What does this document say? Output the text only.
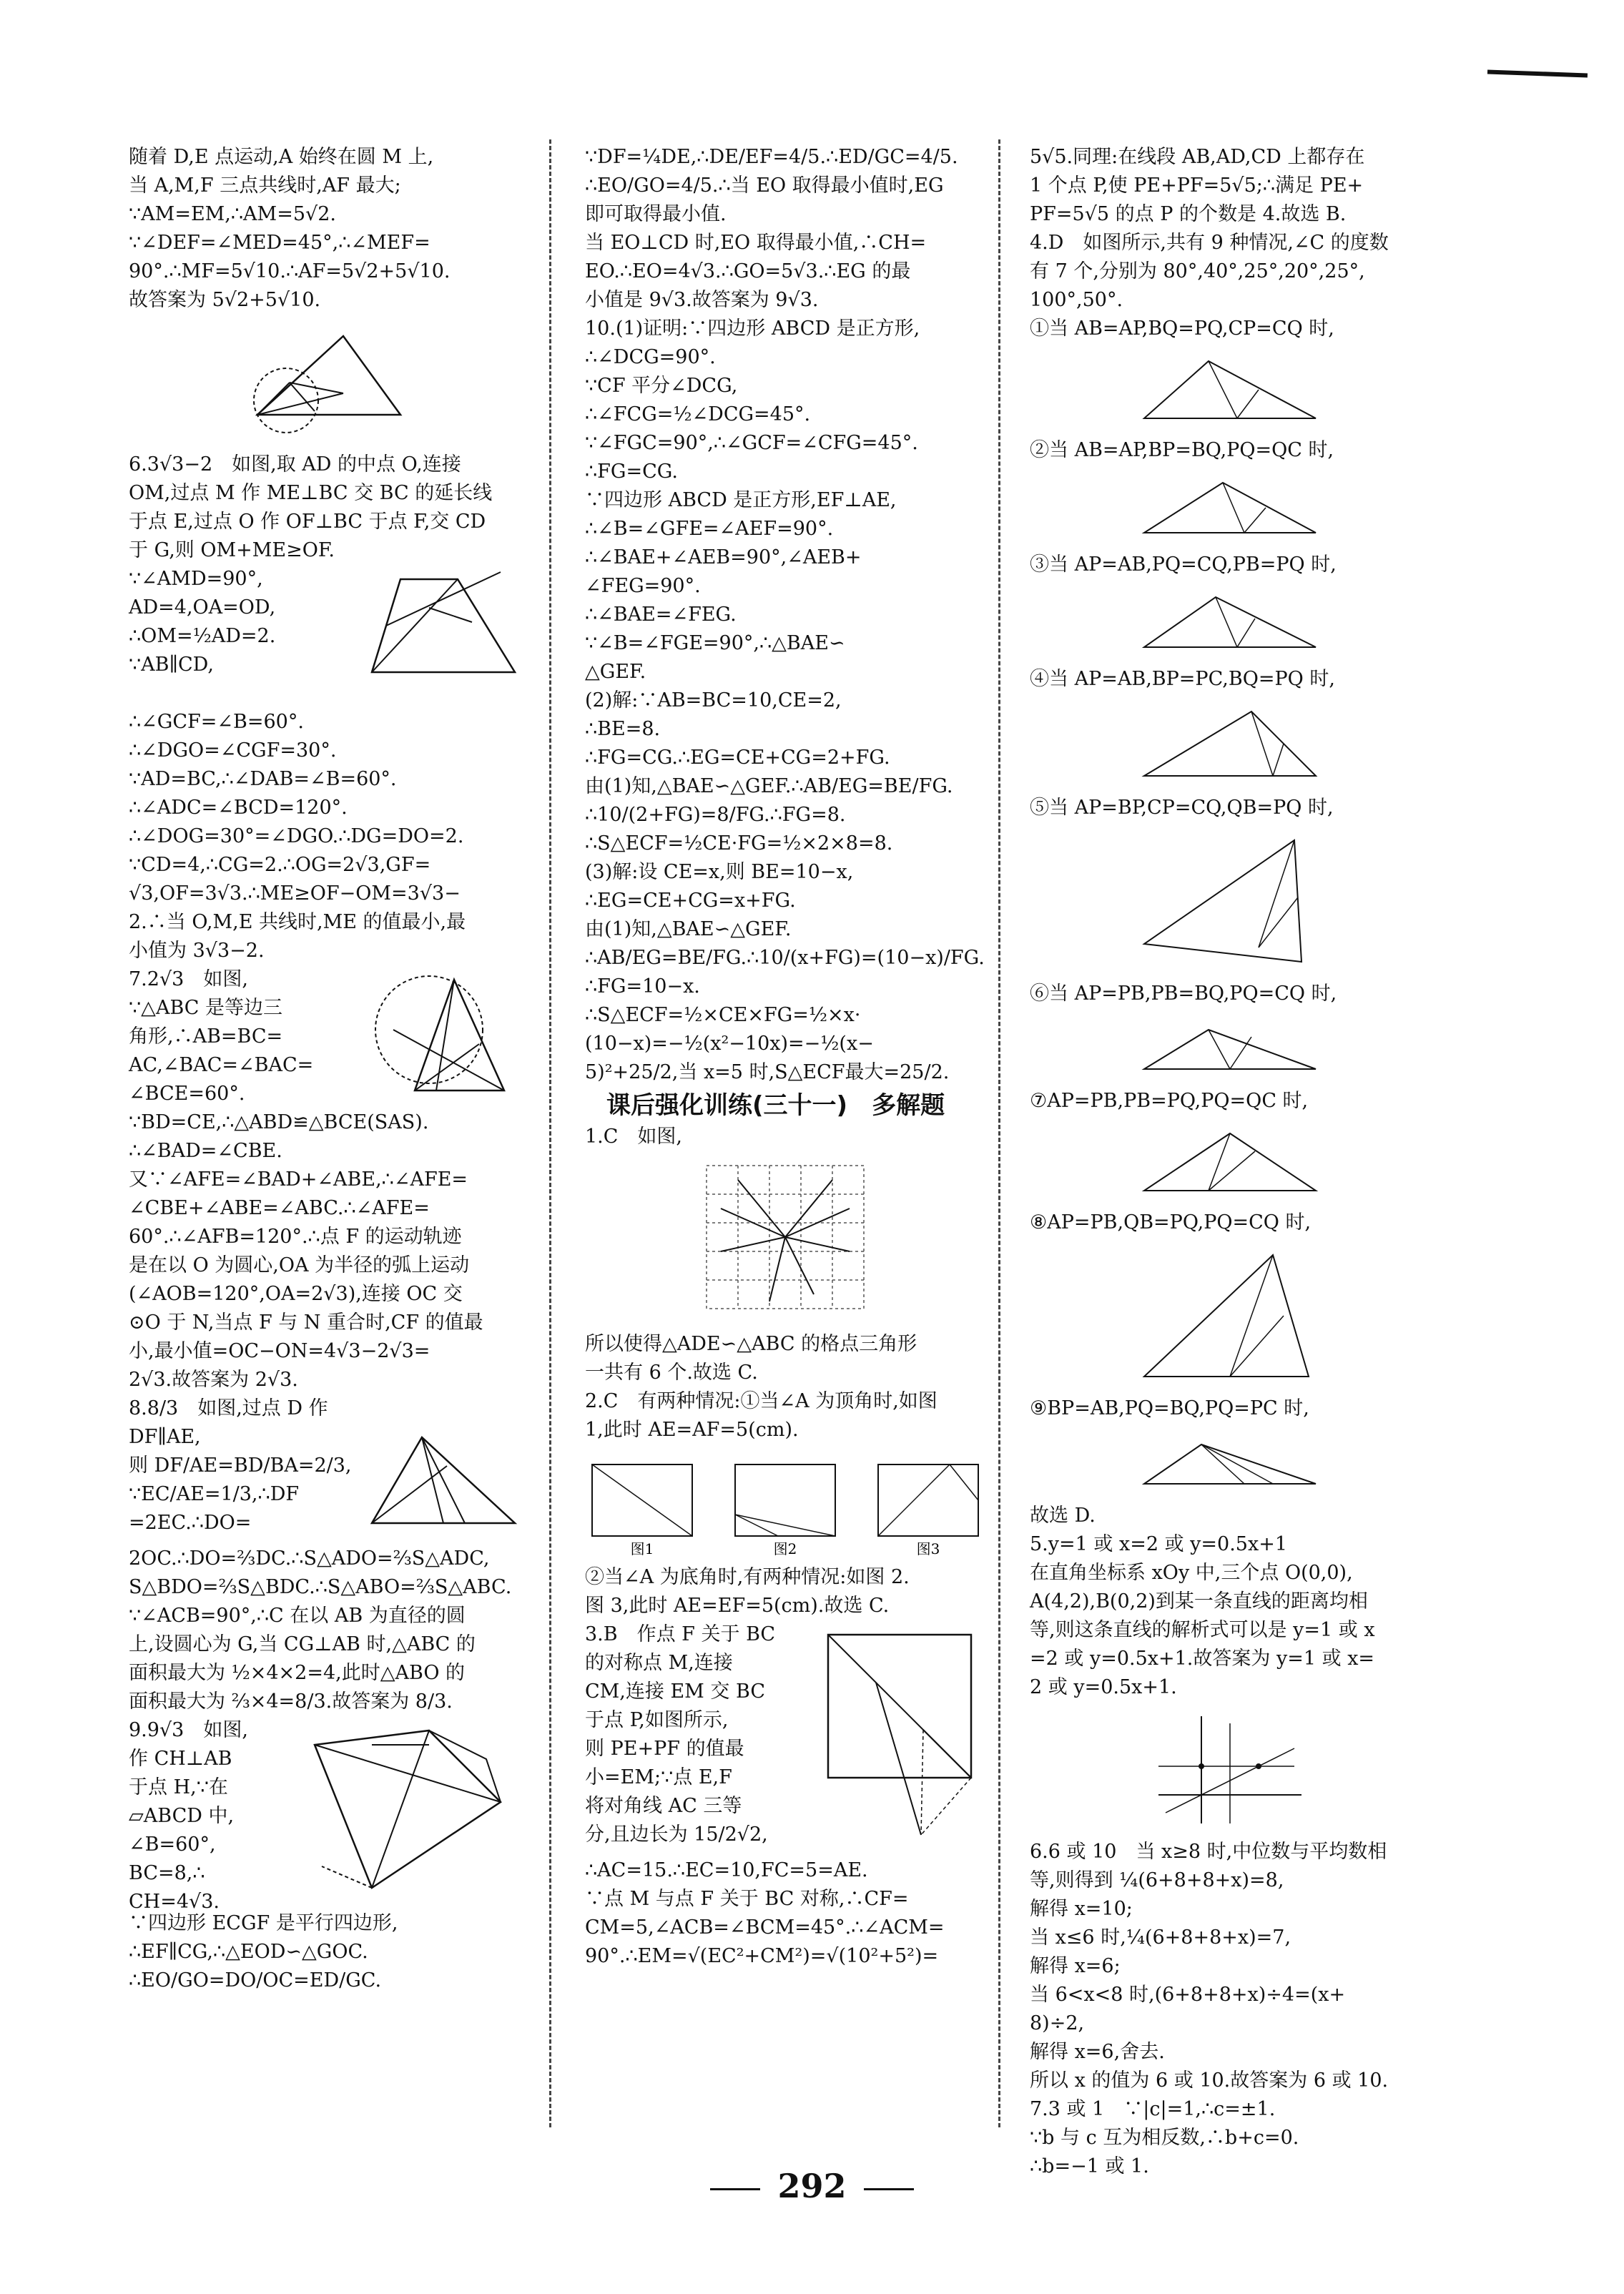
随着 D,E 点运动,A 始终在圆 M 上,

当 A,M,F 三点共线时,AF 最大;

∵AM=EM,∴AM=5√2.

∵∠DEF=∠MED=45°,∴∠MEF=

90°.∴MF=5√10.∴AF=5√2+5√10.

故答案为 5√2+5√10.

6.3√3−2　如图,取 AD 的中点 O,连接

OM,过点 M 作 ME⊥BC 交 BC 的延长线

于点 E,过点 O 作 OF⊥BC 于点 F,交 CD

于 G,则 OM+ME≥OF.

∵∠AMD=90°,

AD=4,OA=OD,

∴OM=½AD=2.

∵AB∥CD,

∴∠GCF=∠B=60°.

∴∠DGO=∠CGF=30°.

∵AD=BC,∴∠DAB=∠B=60°.

∴∠ADC=∠BCD=120°.

∴∠DOG=30°=∠DGO.∴DG=DO=2.

∵CD=4,∴CG=2.∴OG=2√3,GF=

√3,OF=3√3.∴ME≥OF−OM=3√3−

2.∴当 O,M,E 共线时,ME 的值最小,最

小值为 3√3−2.

7.2√3　如图,

∵△ABC 是等边三

角形,∴AB=BC=

AC,∠BAC=∠BAC=

∠BCE=60°.

∵BD=CE,∴△ABD≌△BCE(SAS).

∴∠BAD=∠CBE.

又∵∠AFE=∠BAD+∠ABE,∴∠AFE=

∠CBE+∠ABE=∠ABC.∴∠AFE=

60°.∴∠AFB=120°.∴点 F 的运动轨迹

是在以 O 为圆心,OA 为半径的弧上运动

(∠AOB=120°,OA=2√3),连接 OC 交

⊙O 于 N,当点 F 与 N 重合时,CF 的值最

小,最小值=OC−ON=4√3−2√3=

2√3.故答案为 2√3.

8.8/3　如图,过点 D 作 DF∥AE,

则 DF/AE=BD/BA=2/3,

∵EC/AE=1/3,∴DF

=2EC.∴DO=

2OC.∴DO=⅔DC.∴S△ADO=⅔S△ADC,

S△BDO=⅔S△BDC.∴S△ABO=⅔S△ABC.

∵∠ACB=90°,∴C 在以 AB 为直径的圆

上,设圆心为 G,当 CG⊥AB 时,△ABC 的

面积最大为 ½×4×2=4,此时△ABO 的

面积最大为 ⅔×4=8/3.故答案为 8/3.

9.9√3　如图,

作 CH⊥AB

于点 H,∵在

▱ABCD 中,

∠B=60°,

BC=8,∴

CH=4√3.

∵四边形 ECGF 是平行四边形,

∴EF∥CG,∴△EOD∽△GOC.

∴EO/GO=DO/OC=ED/GC.

∵DF=¼DE,∴DE/EF=4/5.∴ED/GC=4/5.

∴EO/GO=4/5.∴当 EO 取得最小值时,EG

即可取得最小值.

当 EO⊥CD 时,EO 取得最小值,∴CH=

EO.∴EO=4√3.∴GO=5√3.∴EG 的最

小值是 9√3.故答案为 9√3.

10.(1)证明:∵四边形 ABCD 是正方形,

∴∠DCG=90°.

∵CF 平分∠DCG,

∴∠FCG=½∠DCG=45°.

∵∠FGC=90°,∴∠GCF=∠CFG=45°.

∴FG=CG.

∵四边形 ABCD 是正方形,EF⊥AE,

∴∠B=∠GFE=∠AEF=90°.

∴∠BAE+∠AEB=90°,∠AEB+

∠FEG=90°.

∴∠BAE=∠FEG.

∵∠B=∠FGE=90°,∴△BAE∽

△GEF.

(2)解:∵AB=BC=10,CE=2,

∴BE=8.

∴FG=CG.∴EG=CE+CG=2+FG.

由(1)知,△BAE∽△GEF.∴AB/EG=BE/FG.

∴10/(2+FG)=8/FG.∴FG=8.

∴S△ECF=½CE·FG=½×2×8=8.

(3)解:设 CE=x,则 BE=10−x,

∴EG=CE+CG=x+FG.

由(1)知,△BAE∽△GEF.

∴AB/EG=BE/FG.∴10/(x+FG)=(10−x)/FG.

∴FG=10−x.

∴S△ECF=½×CE×FG=½×x·

(10−x)=−½(x²−10x)=−½(x−

5)²+25/2,当 x=5 时,S△ECF最大=25/2.

课后强化训练(三十一)　多解题

1.C　如图,

所以使得△ADE∽△ABC 的格点三角形

一共有 6 个.故选 C.

2.C　有两种情况:①当∠A 为顶角时,如图

1,此时 AE=AF=5(cm).

图1	图2	图3

②当∠A 为底角时,有两种情况:如图 2.

图 3,此时 AE=EF=5(cm).故选 C.

3.B　作点 F 关于 BC

的对称点 M,连接

CM,连接 EM 交 BC

于点 P,如图所示,

则 PE+PF 的值最

小=EM;∵点 E,F

将对角线 AC 三等

分,且边长为 15/2√2,

∴AC=15.∴EC=10,FC=5=AE.

∵点 M 与点 F 关于 BC 对称,∴CF=

CM=5,∠ACB=∠BCM=45°.∴∠ACM=

90°.∴EM=√(EC²+CM²)=√(10²+5²)=

5√5.同理:在线段 AB,AD,CD 上都存在

1 个点 P,使 PE+PF=5√5;∴满足 PE+

PF=5√5 的点 P 的个数是 4.故选 B.

4.D　如图所示,共有 9 种情况,∠C 的度数

有 7 个,分别为 80°,40°,25°,20°,25°,

100°,50°.

①当 AB=AP,BQ=PQ,CP=CQ 时,

②当 AB=AP,BP=BQ,PQ=QC 时,

③当 AP=AB,PQ=CQ,PB=PQ 时,

④当 AP=AB,BP=PC,BQ=PQ 时,

⑤当 AP=BP,CP=CQ,QB=PQ 时,

⑥当 AP=PB,PB=BQ,PQ=CQ 时,

⑦AP=PB,PB=PQ,PQ=QC 时,

⑧AP=PB,QB=PQ,PQ=CQ 时,

⑨BP=AB,PQ=BQ,PQ=PC 时,

故选 D.

5.y=1 或 x=2 或 y=0.5x+1

在直角坐标系 xOy 中,三个点 O(0,0),

A(4,2),B(0,2)到某一条直线的距离均相

等,则这条直线的解析式可以是 y=1 或 x

=2 或 y=0.5x+1.故答案为 y=1 或 x=

2 或 y=0.5x+1.

6.6 或 10　当 x≥8 时,中位数与平均数相

等,则得到 ¼(6+8+8+x)=8,

解得 x=10;

当 x≤6 时,¼(6+8+8+x)=7,

解得 x=6;

当 6<x<8 时,(6+8+8+x)÷4=(x+

8)÷2,

解得 x=6,舍去.

所以 x 的值为 6 或 10.故答案为 6 或 10.

7.3 或 1　∵|c|=1,∴c=±1.

∵b 与 c 互为相反数,∴b+c=0.

∴b=−1 或 1.

292
